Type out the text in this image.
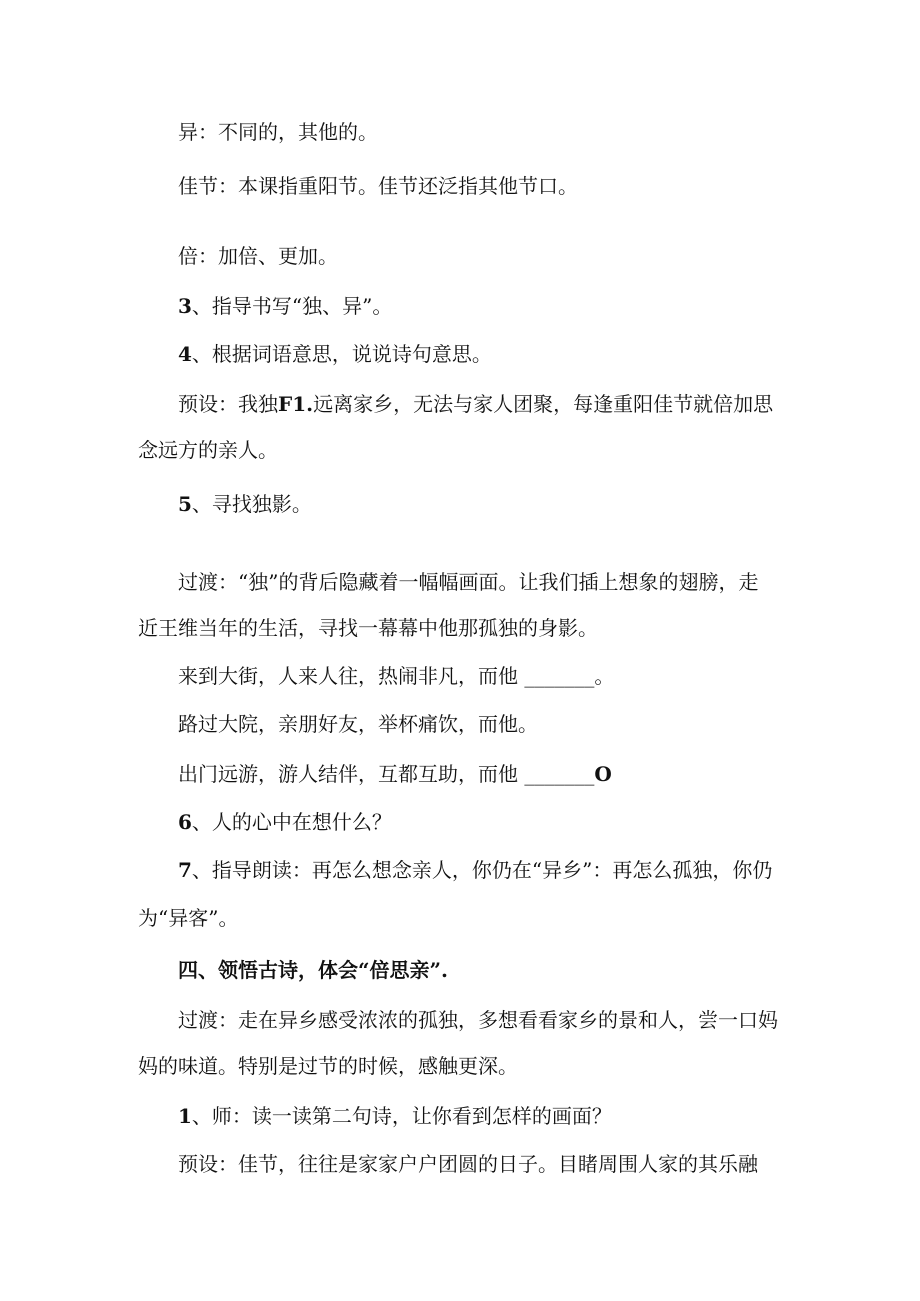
异：不同的，其他的。
佳节：本课指重阳节。佳节还泛指其他节口。
倍：加倍、更加。
3、指导书写“独、异”。
4、根据词语意思，说说诗句意思。
预设：我独F1.远离家乡，无法与家人团聚，每逢重阳佳节就倍加思
念远方的亲人。
5、寻找独影。
过渡：“独”的背后隐藏着一幅幅画面。让我们插上想象的翅膀，走
近王维当年的生活，寻找一幕幕中他那孤独的身影。
来到大街，人来人往，热闹非凡，而他 _______。
路过大院，亲朋好友，举杯痛饮，而他。
出门远游，游人结伴，互都互助，而他 _______O
6、人的心中在想什么？
7、指导朗读：再怎么想念亲人，你仍在“异乡”：再怎么孤独，你仍
为“异客”。
四、领悟古诗，体会“倍思亲”.
过渡：走在异乡感受浓浓的孤独，多想看看家乡的景和人，尝一口妈
妈的味道。特别是过节的时候，感触更深。
1、师：读一读第二句诗，让你看到怎样的画面？
预设：佳节，往往是家家户户团圆的日子。目睹周围人家的其乐融
